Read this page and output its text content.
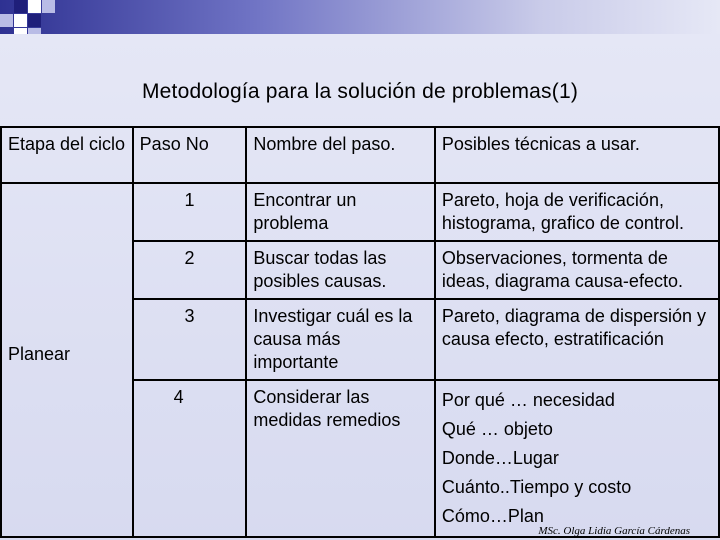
Metodología para la solución de problemas(1)
Etapa del ciclo	Paso No	Nombre del paso.	Posibles técnicas a usar.
Planear	1	Encontrar un problema	Pareto, hoja de verificación, histograma, grafico de control.
	2	Buscar todas las posibles causas.	Observaciones, tormenta de ideas, diagrama causa-efecto.
	3	Investigar cuál es la causa más importante	Pareto, diagrama de dispersión y causa efecto, estratificación
	4	Considerar las medidas remedios	Por qué … necesidad
Qué … objeto
Donde…Lugar
Cuánto..Tiempo y costo
Cómo…Plan
MSc. Olga Lidia García Cárdenas
